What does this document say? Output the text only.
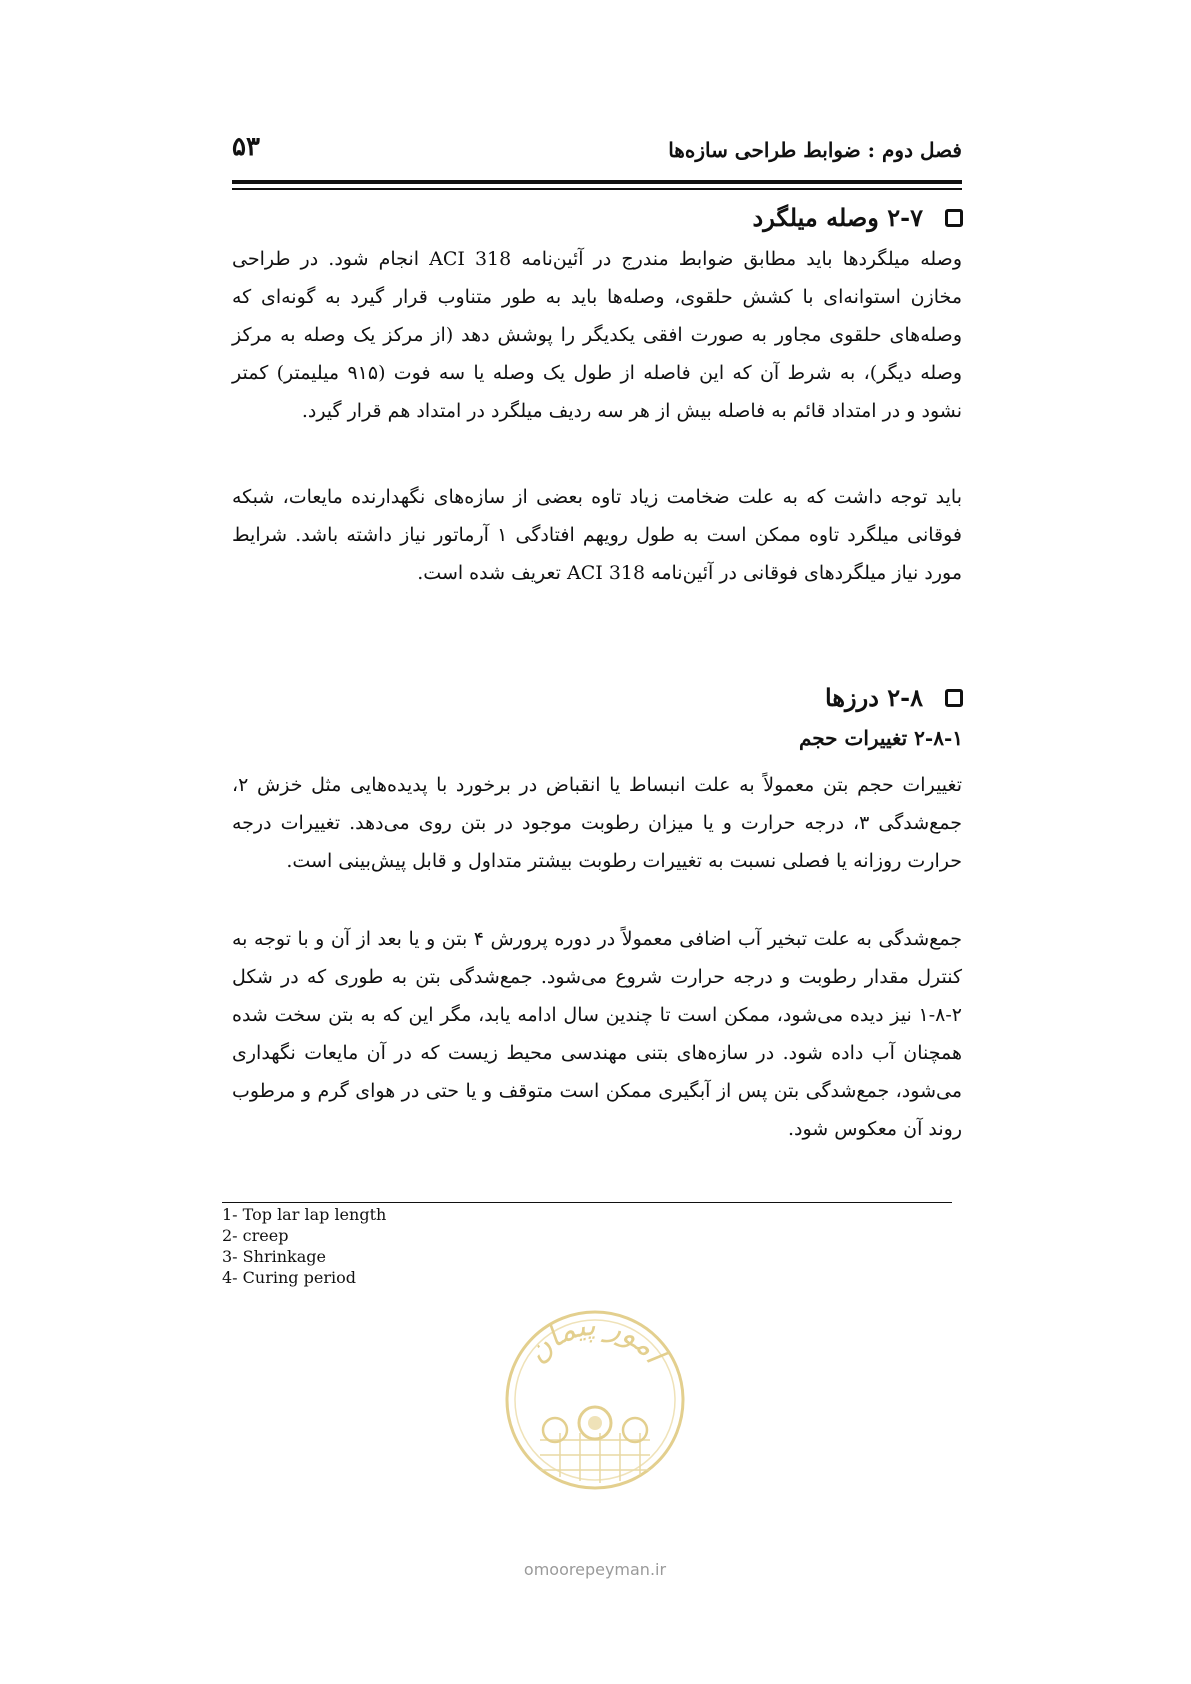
فصل دوم : ضوابط طراحی سازه‌ها
۵۳
۲-۷ وصله میلگرد

وصله میلگردها باید مطابق ضوابط مندرج در آئین‌نامه ACI 318 انجام شود. در طراحی مخازن استوانه‌ای با کشش حلقوی، وصله‌ها باید به طور متناوب قرار گیرد به گونه‌ای که وصله‌های حلقوی مجاور به صورت افقی یکدیگر را پوشش دهد (از مرکز یک وصله به مرکز وصله دیگر)، به شرط آن که این فاصله از طول یک وصله یا سه فوت (۹۱۵ میلیمتر) کمتر نشود و در امتداد قائم به فاصله بیش از هر سه ردیف میلگرد در امتداد هم قرار گیرد.

باید توجه داشت که به علت ضخامت زیاد تاوه بعضی از سازه‌های نگهدارنده مایعات، شبکه فوقانی میلگرد تاوه ممکن است به طول رویهم افتادگی ۱ آرماتور نیاز داشته باشد. شرایط مورد نیاز میلگردهای فوقانی در آئین‌نامه ACI 318 تعریف شده است.

۲-۸ درزها
۲-۸-۱ تغییرات حجم

تغییرات حجم بتن معمولاً به علت انبساط یا انقباض در برخورد با پدیده‌هایی مثل خزش ۲، جمع‌شدگی ۳، درجه حرارت و یا میزان رطوبت موجود در بتن روی می‌دهد. تغییرات درجه حرارت روزانه یا فصلی نسبت به تغییرات رطوبت بیشتر متداول و قابل پیش‌بینی است.

جمع‌شدگی به علت تبخیر آب اضافی معمولاً در دوره پرورش ۴ بتن و یا بعد از آن و با توجه به کنترل مقدار رطوبت و درجه حرارت شروع می‌شود. جمع‌شدگی بتن به طوری که در شکل ۲-۸-۱ نیز دیده می‌شود، ممکن است تا چندین سال ادامه یابد، مگر این که به بتن سخت شده همچنان آب داده شود. در سازه‌های بتنی مهندسی محیط زیست که در آن مایعات نگهداری می‌شود، جمع‌شدگی بتن پس از آبگیری ممکن است متوقف و یا حتی در هوای گرم و مرطوب روند آن معکوس شود.

1- Top lar lap length
2- creep
3- Shrinkage
4- Curing period
امور پیمان
omoorepeyman.ir
